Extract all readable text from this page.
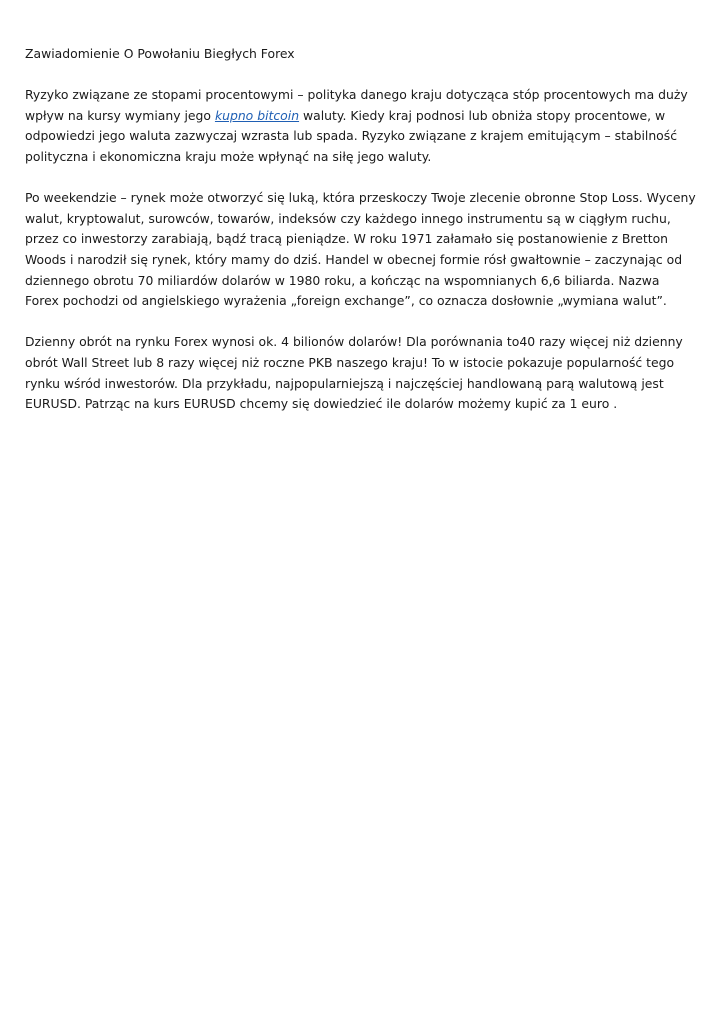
Zawiadomienie O Powołaniu Biegłych Forex

Ryzyko związane ze stopami procentowymi – polityka danego kraju dotycząca stóp procentowych ma duży wpływ na kursy wymiany jego kupno bitcoin waluty. Kiedy kraj podnosi lub obniża stopy procentowe, w odpowiedzi jego waluta zazwyczaj wzrasta lub spada. Ryzyko związane z krajem emitującym – stabilność polityczna i ekonomiczna kraju może wpłynąć na siłę jego waluty.

Po weekendzie – rynek może otworzyć się luką, która przeskoczy Twoje zlecenie obronne Stop Loss. Wyceny walut, kryptowalut, surowców, towarów, indeksów czy każdego innego instrumentu są w ciągłym ruchu, przez co inwestorzy zarabiają, bądź tracą pieniądze. W roku 1971 załamało się postanowienie z Bretton Woods i narodził się rynek, który mamy do dziś. Handel w obecnej formie rósł gwałtownie – zaczynając od dziennego obrotu 70 miliardów dolarów w 1980 roku, a kończąc na wspomnianych 6,6 biliarda. Nazwa Forex pochodzi od angielskiego wyrażenia „foreign exchange”, co oznacza dosłownie „wymiana walut”.

Dzienny obrót na rynku Forex wynosi ok. 4 bilionów dolarów! Dla porównania to40 razy więcej niż dzienny obrót Wall Street lub 8 razy więcej niż roczne PKB naszego kraju! To w istocie pokazuje popularność tego rynku wśród inwestorów. Dla przykładu, najpopularniejszą i najczęściej handlowaną parą walutową jest EURUSD. Patrząc na kurs EURUSD chcemy się dowiedzieć ile dolarów możemy kupić za 1 euro .
